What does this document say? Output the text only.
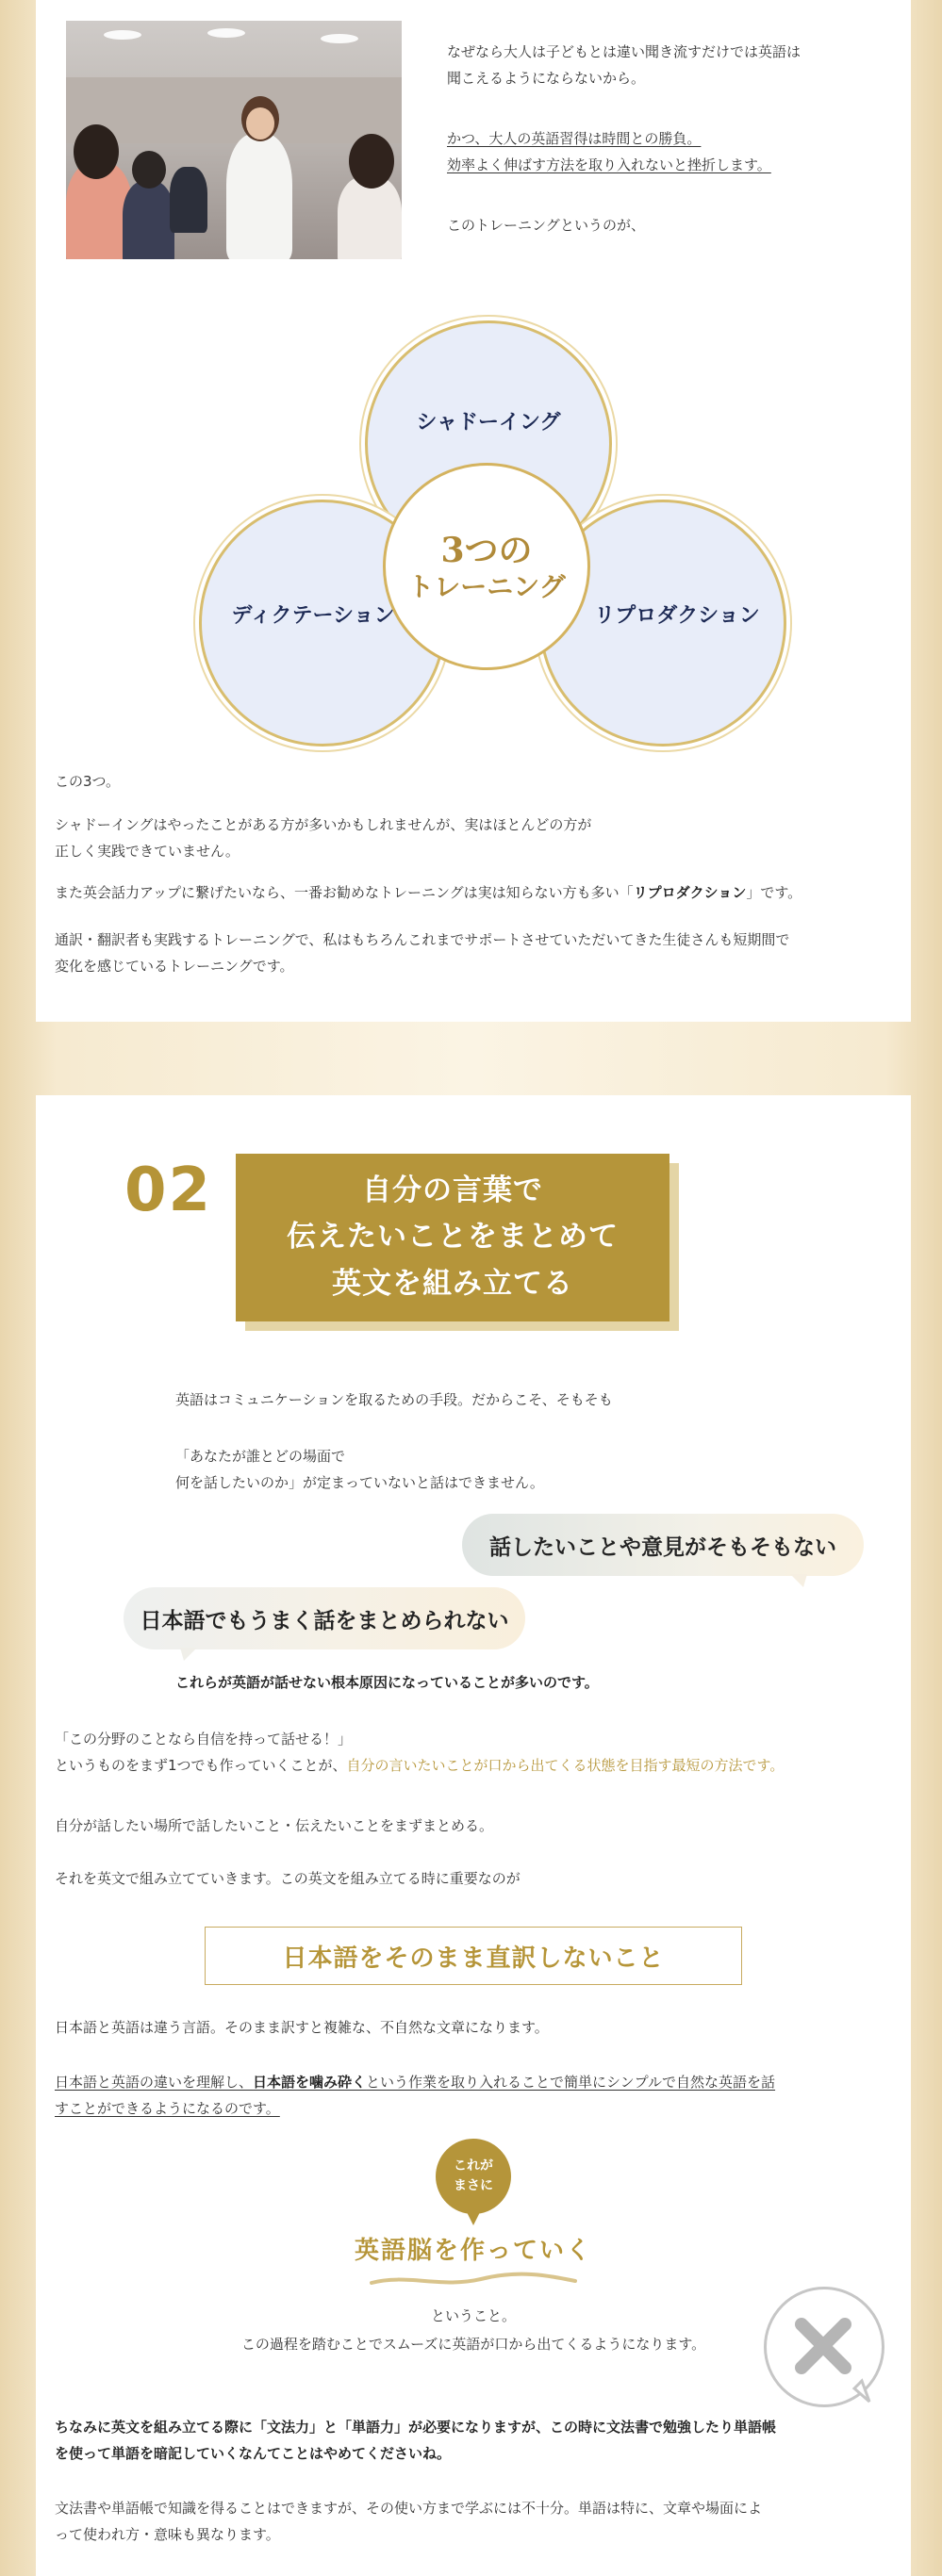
なぜなら大人は子どもとは違い聞き流すだけでは英語は
聞こえるようにならないから。
かつ、大人の英語習得は時間との勝負。
効率よく伸ばす方法を取り入れないと挫折します。
このトレーニングというのが、
シャドーイング
ディクテーション	リプロダクション
3つの
トレーニング
この3つ。
シャドーイングはやったことがある方が多いかもしれませんが、実はほとんどの方が
正しく実践できていません。
また英会話力アップに繋げたいなら、一番お勧めなトレーニングは実は知らない方も多い「リプロダクション」です。
通訳・翻訳者も実践するトレーニングで、私はもちろんこれまでサポートさせていただいてきた生徒さんも短期間で
変化を感じているトレーニングです。
02	自分の言葉で
伝えたいことをまとめて
英文を組み立てる
英語はコミュニケーションを取るための手段。だからこそ、そもそも
「あなたが誰とどの場面で
何を話したいのか」が定まっていないと話はできません。
話したいことや意見がそもそもない
日本語でもうまく話をまとめられない
これらが英語が話せない根本原因になっていることが多いのです。
「この分野のことなら自信を持って話せる！」
というものをまず1つでも作っていくことが、自分の言いたいことが口から出てくる状態を目指す最短の方法です。
自分が話したい場所で話したいこと・伝えたいことをまずまとめる。
それを英文で組み立てていきます。この英文を組み立てる時に重要なのが
日本語をそのまま直訳しないこと
日本語と英語は違う言語。そのまま訳すと複雑な、不自然な文章になります。
日本語と英語の違いを理解し、日本語を噛み砕くという作業を取り入れることで簡単にシンプルで自然な英語を話
すことができるようになるのです。
これが
まさに
英語脳を作っていく
ということ。
この過程を踏むことでスムーズに英語が口から出てくるようになります。
ちなみに英文を組み立てる際に「文法力」と「単語力」が必要になりますが、この時に文法書で勉強したり単語帳
を使って単語を暗記していくなんてことはやめてくださいね。
文法書や単語帳で知識を得ることはできますが、その使い方まで学ぶには不十分。単語は特に、文章や場面によ
って使われ方・意味も異なります。
